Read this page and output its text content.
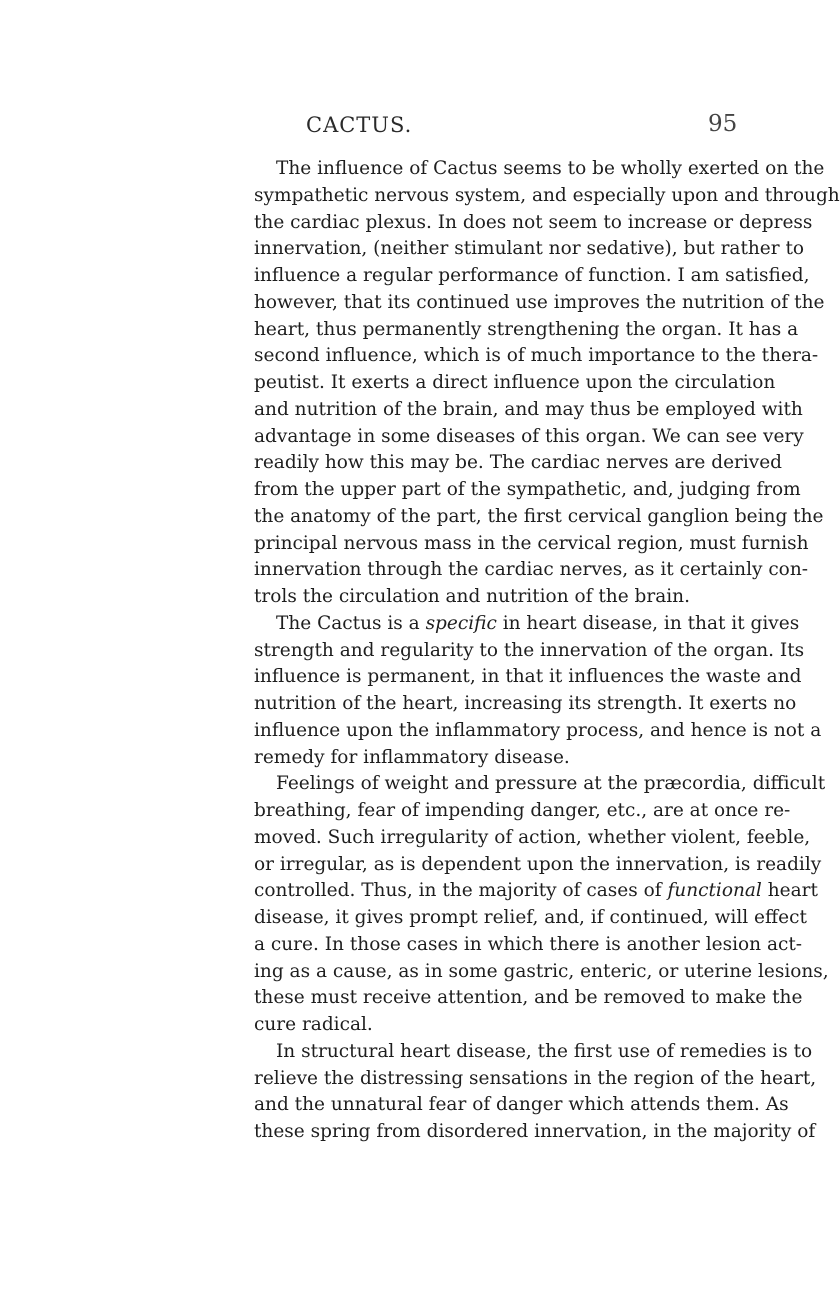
CACTUS.	95
The influence of Cactus seems to be wholly exerted on the
sympathetic nervous system, and especially upon and through
the cardiac plexus. In does not seem to increase or depress
innervation, (neither stimulant nor sedative), but rather to
influence a regular performance of function. I am satisfied,
however, that its continued use improves the nutrition of the
heart, thus permanently strengthening the organ. It has a
second influence, which is of much importance to the thera-
peutist. It exerts a direct influence upon the circulation
and nutrition of the brain, and may thus be employed with
advantage in some diseases of this organ. We can see very
readily how this may be. The cardiac nerves are derived
from the upper part of the sympathetic, and, judging from
the anatomy of the part, the first cervical ganglion being the
principal nervous mass in the cervical region, must furnish
innervation through the cardiac nerves, as it certainly con-
trols the circulation and nutrition of the brain.
The Cactus is a specific in heart disease, in that it gives
strength and regularity to the innervation of the organ. Its
influence is permanent, in that it influences the waste and
nutrition of the heart, increasing its strength. It exerts no
influence upon the inflammatory process, and hence is not a
remedy for inflammatory disease.
Feelings of weight and pressure at the præcordia, difficult
breathing, fear of impending danger, etc., are at once re-
moved. Such irregularity of action, whether violent, feeble,
or irregular, as is dependent upon the innervation, is readily
controlled. Thus, in the majority of cases of functional heart
disease, it gives prompt relief, and, if continued, will effect
a cure. In those cases in which there is another lesion act-
ing as a cause, as in some gastric, enteric, or uterine lesions,
these must receive attention, and be removed to make the
cure radical.
In structural heart disease, the first use of remedies is to
relieve the distressing sensations in the region of the heart,
and the unnatural fear of danger which attends them. As
these spring from disordered innervation, in the majority of
